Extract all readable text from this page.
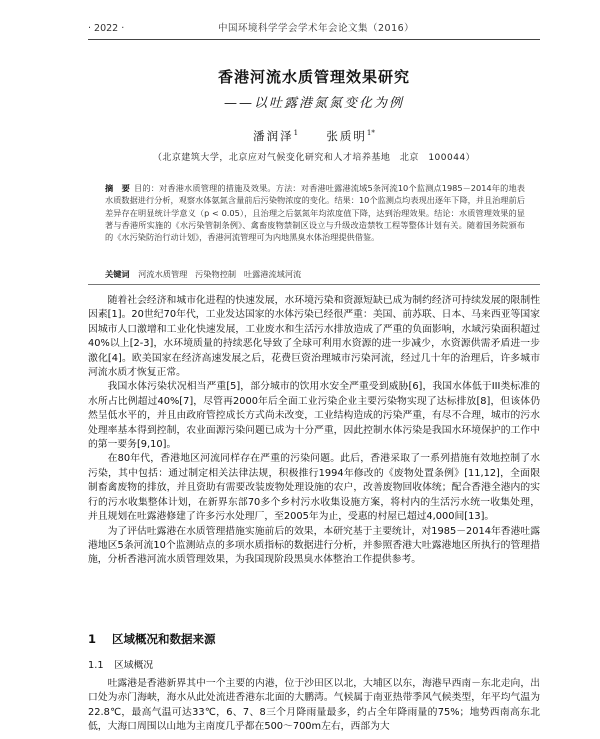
· 2022 ·	中国环境科学学会学术年会论文集（2016）
香港河流水质管理效果研究
——以吐露港氮氮变化为例
潘润泽$^1$ 张质明$^{1*}$
（北京建筑大学，北京应对气候变化研究和人才培养基地　北京　100044）
摘　要 目的：对香港水质管理的措施及效果。方法：对香港吐露港流域5条河流10个监测点1985－2014年的地表水质数据进行分析，观察水体氨氮含量前后污染物浓度的变化。结果：10个监测点均表现出逐年下降，并且治理前后差异存在明显统计学意义（p < 0.05），且治理之后氨氮年均浓度值下降，达到治理效果。结论：水质管理效果的显著与香港所实施的《水污染管制条例》、禽畜废物禁制区设立与升级改造禁牧工程等整体计划有关。随着国务院颁布的《水污染防治行动计划》，香港河流管理可为内地黑臭水体治理提供借鉴。
关键词 河流水质管理 污染物控制 吐露港流域河流

随着社会经济和城市化进程的快速发展，水环境污染和资源短缺已成为制约经济可持续发展的限制性因素[1]。20世纪70年代，工业发达国家的水体污染已经很严重：美国、前苏联、日本、马来西亚等国家因城市人口激增和工业化快速发展，工业废水和生活污水排放造成了严重的负面影响，水域污染面积超过40%以上[2-3]，水环境质量的持续恶化导致了全球可利用水资源的进一步减少，水资源供需矛盾进一步激化[4]。欧美国家在经济高速发展之后，花费巨资治理城市污染河流，经过几十年的治理后，许多城市河流水质才恢复正常。

我国水体污染状况相当严重[5]，部分城市的饮用水安全严重受到威胁[6]，我国水体低于III类标准的水所占比例超过40%[7]，尽管再2000年后全面工业污染企业主要污染物实现了达标排放[8]，但该体仍然呈低水平的，并且由政府管控成长方式尚未改变，工业结构造成的污染严重，有尽不合理，城市的污水处理率基本得到控制，农业面源污染问题已成为十分严重，因此控制水体污染是我国水环境保护的工作中的第一要务[9,10]。

在80年代，香港地区河流同样存在严重的污染问题。此后，香港采取了一系列措施有效地控制了水污染，其中包括：通过制定相关法律法规，积极推行1994年修改的《废物处置条例》[11,12]，全面限制畜禽废物的排放，并且资助有需要改装废物处理设施的农户，改善废物回收体统；配合香港全港内的实行的污水收集整体计划，在新界东部70多个乡村污水收集设施方案，将村内的生活污水统一收集处理，并且规划在吐露港修建了许多污水处理厂，至2005年为止，受惠的村屋已超过4,000间[13]。

为了评估吐露港在水质管理措施实施前后的效果，本研究基于主要统计，对1985－2014年香港吐露港地区5条河流10个监测站点的多项水质指标的数据进行分析，并参照香港大吐露港地区所执行的管理措施，分析香港河流水质管理效果，为我国现阶段黑臭水体整治工作提供参考。

1 区域概况和数据来源
1.1 区域概况

吐露港是香港新界其中一个主要的内港，位于沙田区以北，大埔区以东，海港早西南－东北走向，出口处为赤门海峡，海水从此处流进香港东北面的大鹏湾。气候属于南亚热带季风气候类型，年平均气温为22.8℃，最高气温可达33℃，6、7、8三个月降雨量最多，约占全年降雨量的75%；地势西南高东北低，大海口周围以山地为主南度几乎都在500～700m左右，西部为大
